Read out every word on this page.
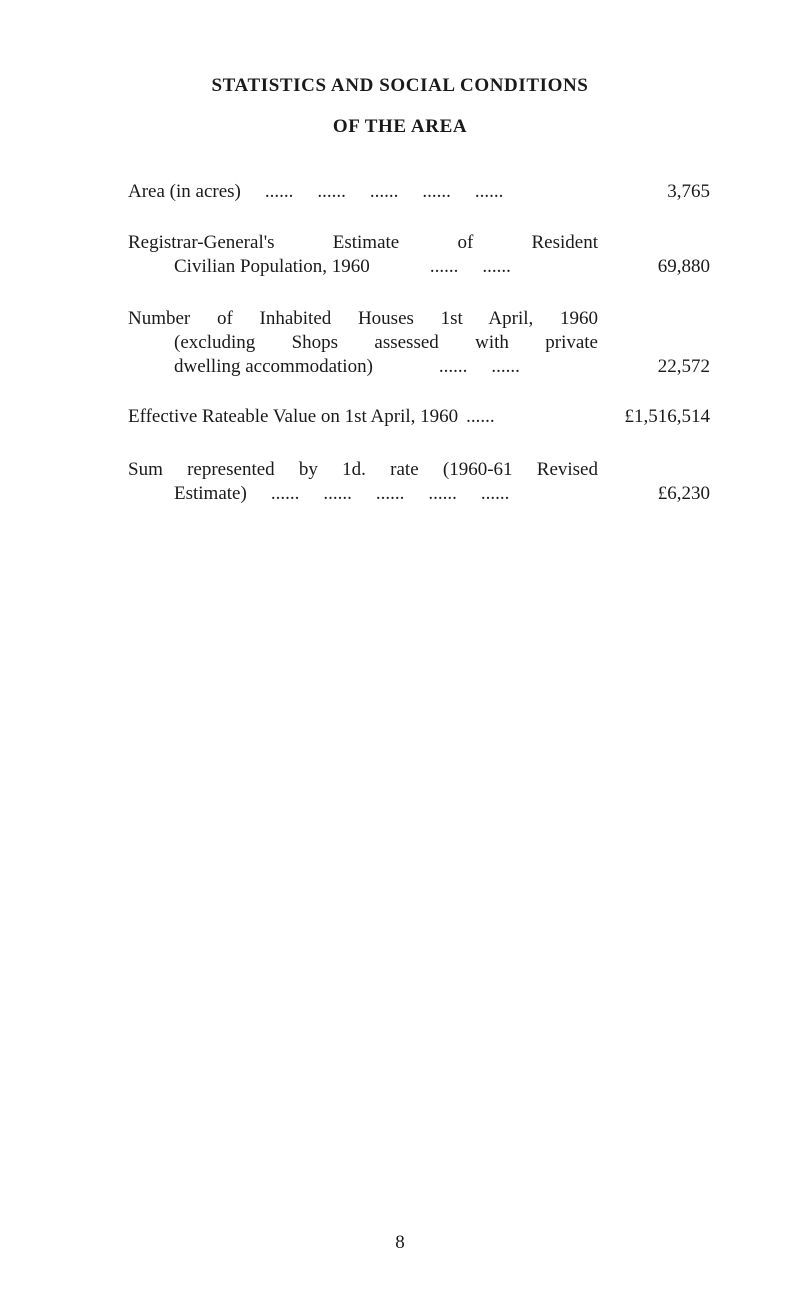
STATISTICS AND SOCIAL CONDITIONS
OF THE AREA
Area (in acres) ...... ...... ...... ...... ......	3,765
Registrar-General's Estimate of Resident
Civilian Population, 1960	...... ......	69,880
Number of Inhabited Houses 1st April, 1960
(excluding Shops assessed with private
dwelling accommodation)	...... ......	22,572
Effective Rateable Value on 1st April, 1960 ......	£1,516,514
Sum represented by 1d. rate (1960-61 Revised
Estimate) ...... ...... ...... ...... ......	£6,230
8
